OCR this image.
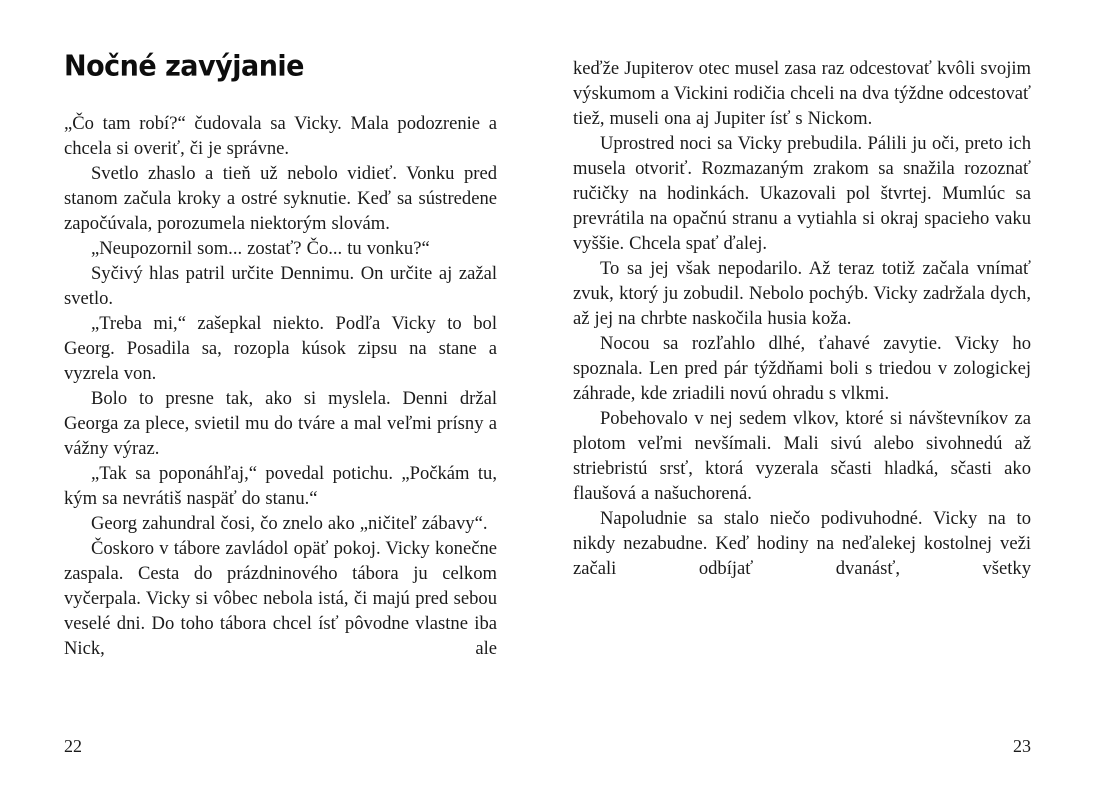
Nočné zavýjanie

„Čo tam robí?“ čudovala sa Vicky. Mala podozrenie a chcela si overiť, či je správne.

Svetlo zhaslo a tieň už nebolo vidieť. Vonku pred stanom začula kroky a ostré syknutie. Keď sa sústredene započúvala, porozumela niektorým slovám.

„Neupozornil som... zostať? Čo... tu vonku?“

Syčivý hlas patril určite Dennimu. On určite aj zažal svetlo.

„Treba mi,“ zašepkal niekto. Podľa Vicky to bol Georg. Posadila sa, rozopla kúsok zipsu na stane a vyzrela von.

Bolo to presne tak, ako si myslela. Denni držal Georga za plece, svietil mu do tváre a mal veľmi prísny a vážny výraz.

„Tak sa poponáhľaj,“ povedal potichu. „Počkám tu, kým sa nevrátiš naspäť do stanu.“

Georg zahundral čosi, čo znelo ako „ničiteľ zábavy“.

Čoskoro v tábore zavládol opäť pokoj. Vicky konečne zaspala. Cesta do prázdninového tábora ju celkom vyčerpala. Vicky si vôbec nebola istá, či majú pred sebou veselé dni. Do toho tábora chcel ísť pôvodne vlastne iba Nick, ale

keďže Jupiterov otec musel zasa raz odcestovať kvôli svojim výskumom a Vickini rodičia chceli na dva týždne odcestovať tiež, museli ona aj Jupiter ísť s Nickom.

Uprostred noci sa Vicky prebudila. Pálili ju oči, preto ich musela otvoriť. Rozmazaným zrakom sa snažila rozoznať ručičky na hodinkách. Ukazovali pol štvrtej. Mumlúc sa prevrátila na opačnú stranu a vytiahla si okraj spacieho vaku vyššie. Chcela spať ďalej.

To sa jej však nepodarilo. Až teraz totiž začala vnímať zvuk, ktorý ju zobudil. Nebolo pochýb. Vicky zadržala dych, až jej na chrbte naskočila husia koža.

Nocou sa rozľahlo dlhé, ťahavé zavytie. Vicky ho spoznala. Len pred pár týždňami boli s triedou v zologickej záhrade, kde zriadili novú ohradu s vlkmi.

Pobehovalo v nej sedem vlkov, ktoré si návštevníkov za plotom veľmi nevšímali. Mali sivú alebo sivohnedú až striebristú srsť, ktorá vyzerala sčasti hladká, sčasti ako flaušová a našuchorená.

Napoludnie sa stalo niečo podivuhodné. Vicky na to nikdy nezabudne. Keď hodiny na neďalekej kostolnej veži začali odbíjať dvanásť, všetky

22	23
